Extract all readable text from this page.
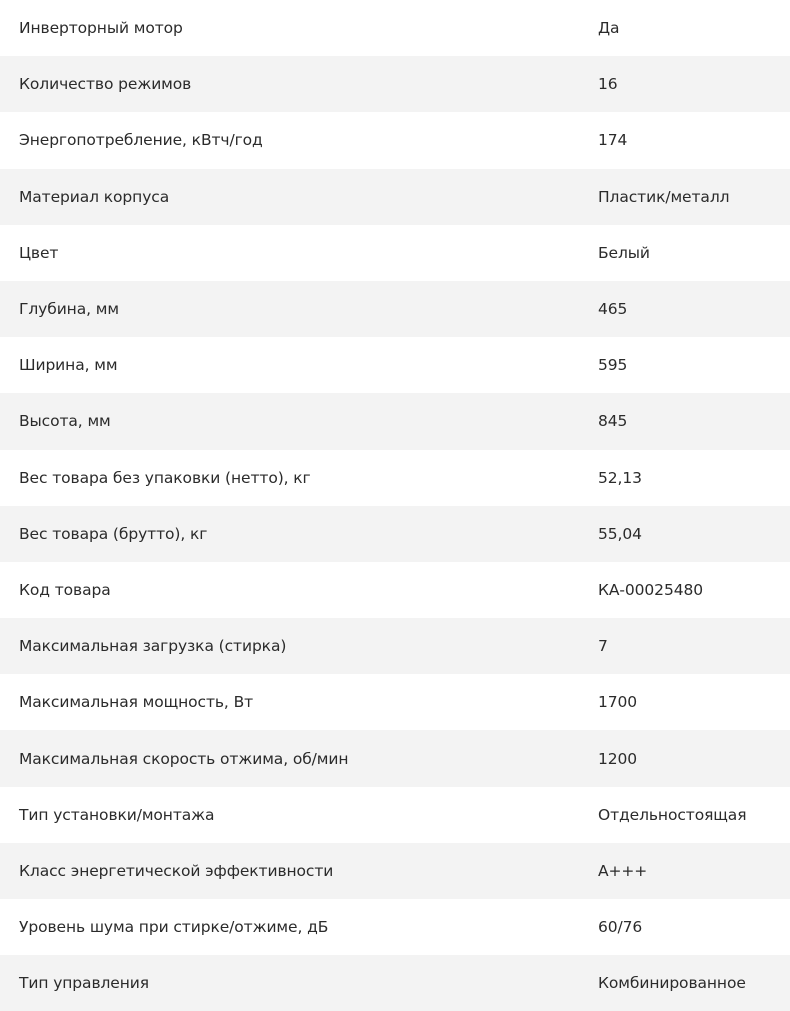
Инверторный мотор	Да
Количество режимов	16
Энергопотребление, кВтч/год	174
Материал корпуса	Пластик/металл
Цвет	Белый
Глубина, мм	465
Ширина, мм	595
Высота, мм	845
Вес товара без упаковки (нетто), кг	52,13
Вес товара (брутто), кг	55,04
Код товара	КА-00025480
Максимальная загрузка (стирка)	7
Максимальная мощность, Вт	1700
Максимальная скорость отжима, об/мин	1200
Тип установки/монтажа	Отдельностоящая
Класс энергетической эффективности	А+++
Уровень шума при стирке/отжиме, дБ	60/76
Тип управления	Комбинированное
